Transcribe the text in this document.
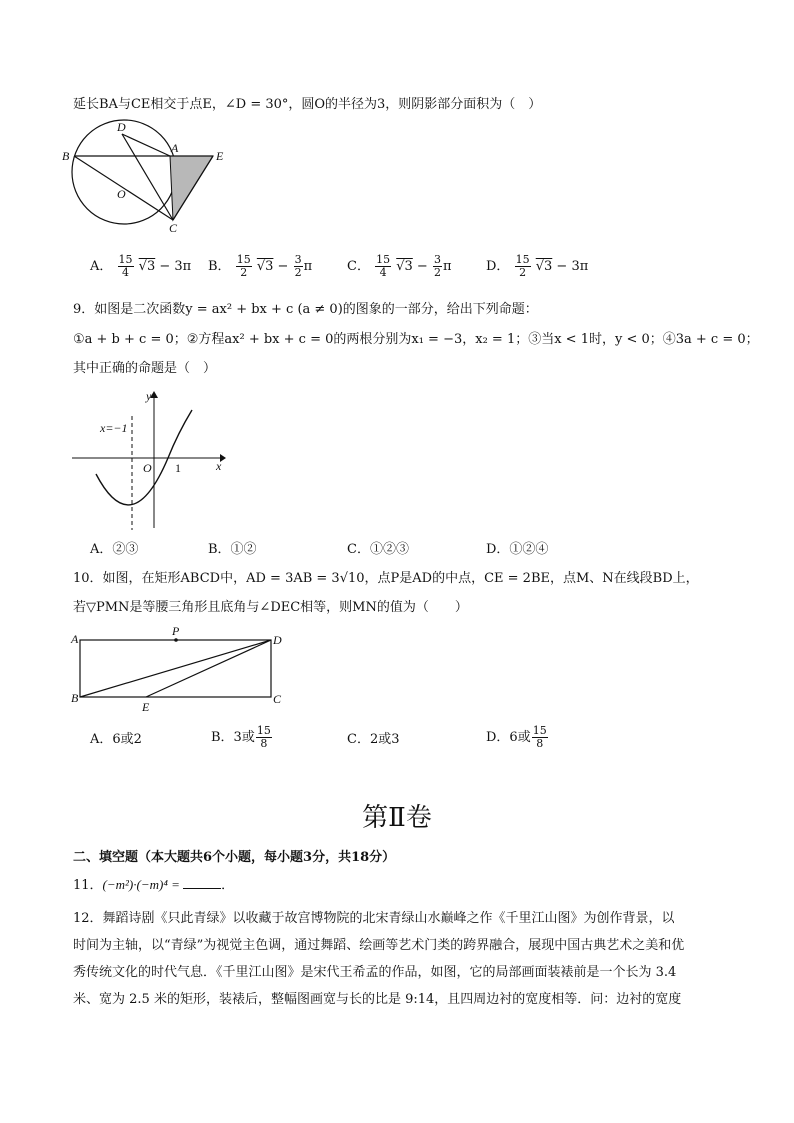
延长BA与CE相交于点E，∠D = 30°，圆O的半径为3，则阴影部分面积为（　）
B
D
A
E
O
C
A． $\frac{15}{4} √3 - 3\pi$ B． $\frac{15}{2} √3 - \frac{3}{2}$ π	C． $\frac{15}{4} √3 - \frac{3}{2}$ π	D． $\frac{15}{2} √3 - 3\pi$
9．如图是二次函数y = ax² + bx + c (a ≠ 0)的图象的一部分，给出下列命题：
①a + b + c = 0；②方程ax² + bx + c = 0的两根分别为x₁ = −3，x₂ = 1；③当x < 1时，y < 0；④3a + c = 0；
其中正确的命题是（　）
y
x
O 1
x=−1
A．②③	B．①②	C．①②③	D．①②④
10．如图，在矩形ABCD中，AD = 3AB = 3√10，点P是AD的中点，CE = 2BE，点M、N在线段BD上，
若▽PMN是等腰三角形且底角与∠DEC相等，则MN的值为（　　）
A
P
D
B
E
C
A．6或2	B．3或 $\frac{15}{8}$	C．2或3	D．6或 $\frac{15}{8}$
第Ⅱ卷
二、填空题（本大题共6个小题，每小题3分，共18分）
11．(−m²)·(−m)⁴ =	．
12．舞蹈诗剧《只此青绿》以收藏于故宫博物院的北宋青绿山水巅峰之作《千里江山图》为创作背景，以
时间为主轴，以“青绿”为视觉主色调，通过舞蹈、绘画等艺术门类的跨界融合，展现中国古典艺术之美和优
秀传统文化的时代气息．《千里江山图》是宋代王希孟的作品，如图，它的局部画面装裱前是一个长为 3.4
米、宽为 2.5 米的矩形，装裱后，整幅图画宽与长的比是 9:14，且四周边衬的宽度相等．问：边衬的宽度
